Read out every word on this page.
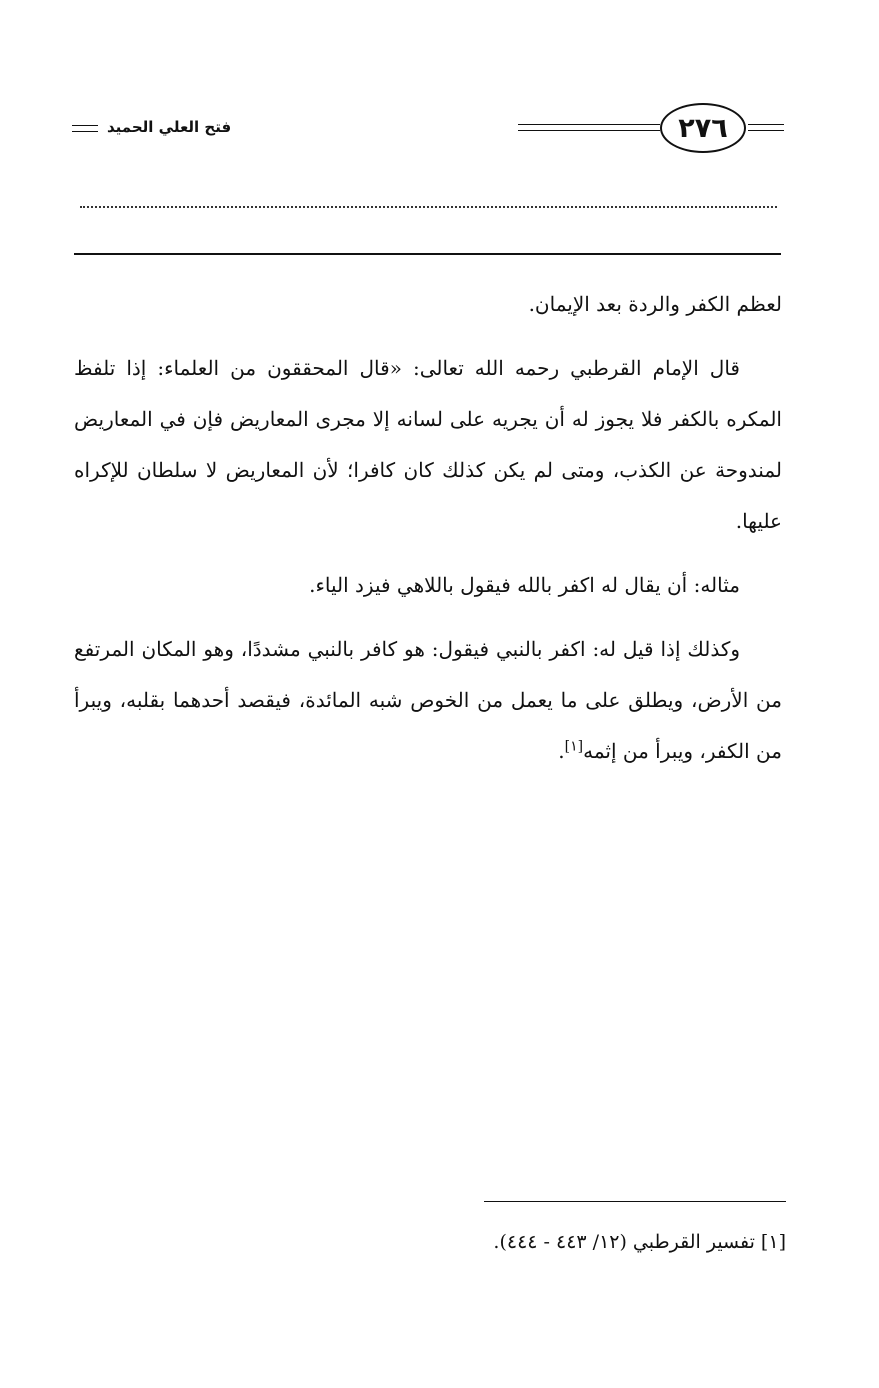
فتح العلي الحميد	٢٧٦

لعظم الكفر والردة بعد الإيمان.

قال الإمام القرطبي رحمه الله تعالى: «قال المحققون من العلماء: إذا تلفظ المكره بالكفر فلا يجوز له أن يجريه على لسانه إلا مجرى المعاريض فإن في المعاريض لمندوحة عن الكذب، ومتى لم يكن كذلك كان كافرا؛ لأن المعاريض لا سلطان للإكراه عليها.

مثاله: أن يقال له اكفر بالله فيقول باللاهي فيزد الياء.

وكذلك إذا قيل له: اكفر بالنبي فيقول: هو كافر بالنبي مشددًا، وهو المكان المرتفع من الأرض، ويطلق على ما يعمل من الخوص شبه المائدة، فيقصد أحدهما بقلبه، ويبرأ من الكفر، ويبرأ من إثمه[١].

[١] تفسير القرطبي (١٢/ ٤٤٣ - ٤٤٤).
